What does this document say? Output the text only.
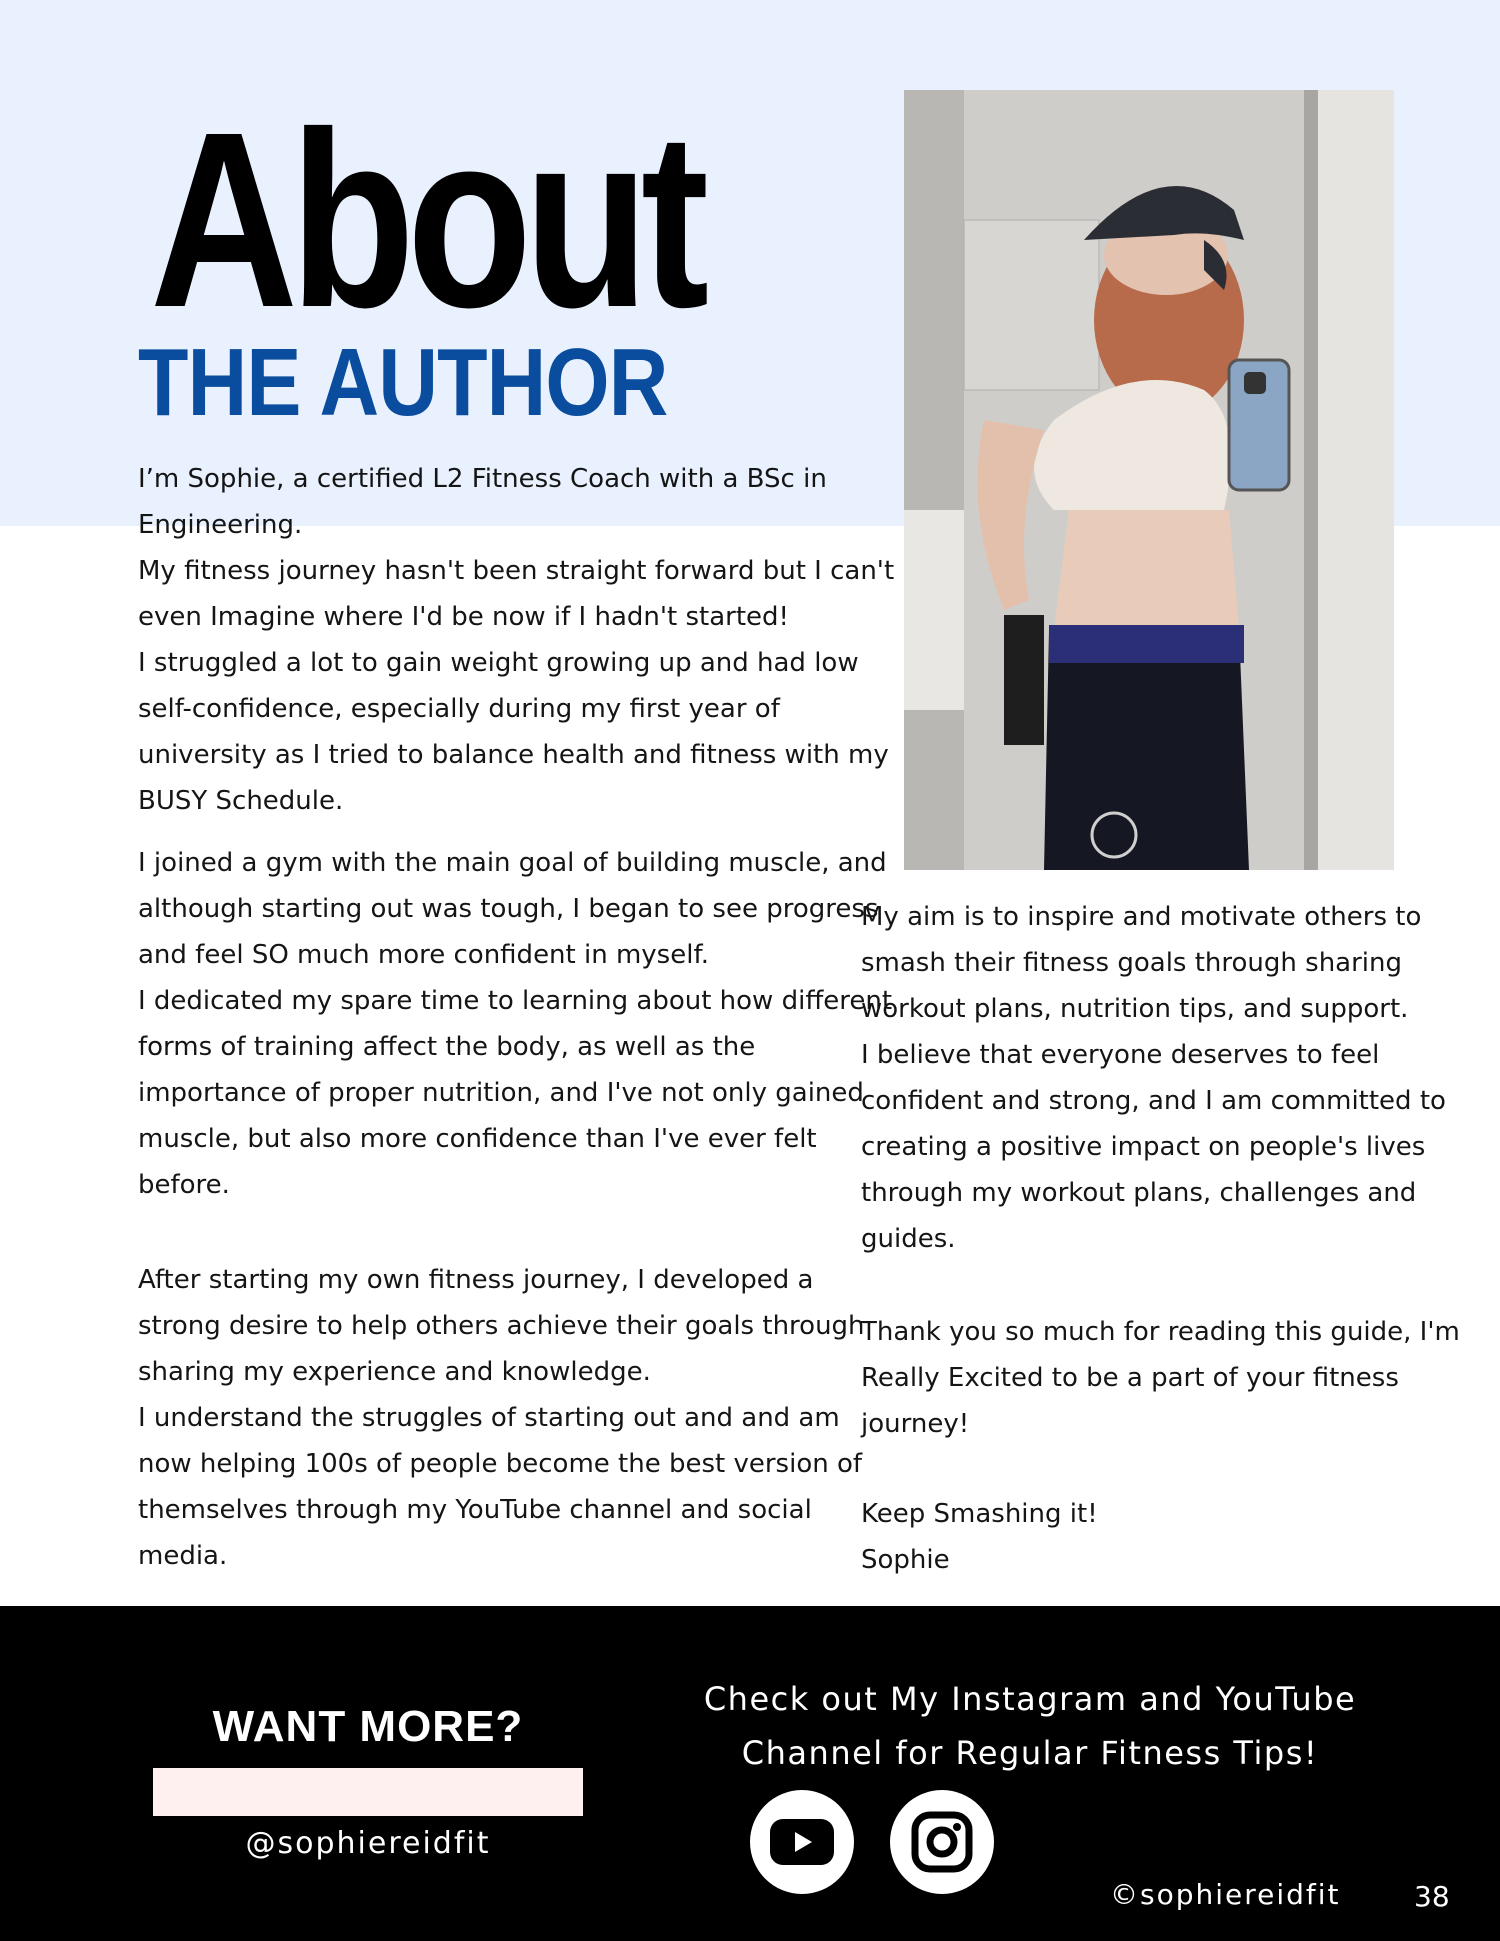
About
THE AUTHOR

I’m Sophie, a certified L2 Fitness Coach with a BSc in Engineering.
My fitness journey hasn't been straight forward but I can't even Imagine where I'd be now if I hadn't started!
I struggled a lot to gain weight growing up and had low self-confidence, especially during my first year of university as I tried to balance health and fitness with my BUSY Schedule.

I joined a gym with the main goal of building muscle, and although starting out was tough, I began to see progress and feel SO much more confident in myself.
I dedicated my spare time to learning about how different forms of training affect the body, as well as the importance of proper nutrition, and I've not only gained muscle, but also more confidence than I've ever felt before.

After starting my own fitness journey, I developed a strong desire to help others achieve their goals through sharing my experience and knowledge.
I understand the struggles of starting out and and am now helping 100s of people become the best version of themselves through my YouTube channel and social media.

My aim is to inspire and motivate others to smash their fitness goals through sharing workout plans, nutrition tips, and support.
I believe that everyone deserves to feel confident and strong, and I am committed to creating a positive impact on people's lives through my workout plans, challenges and guides.

Thank you so much for reading this guide, I'm Really Excited to be a part of your fitness journey!

Keep Smashing it!

Sophie

WANT MORE?
@sophiereidfit
Check out My Instagram and YouTube
Channel for Regular Fitness Tips!
©sophiereidfit	38
